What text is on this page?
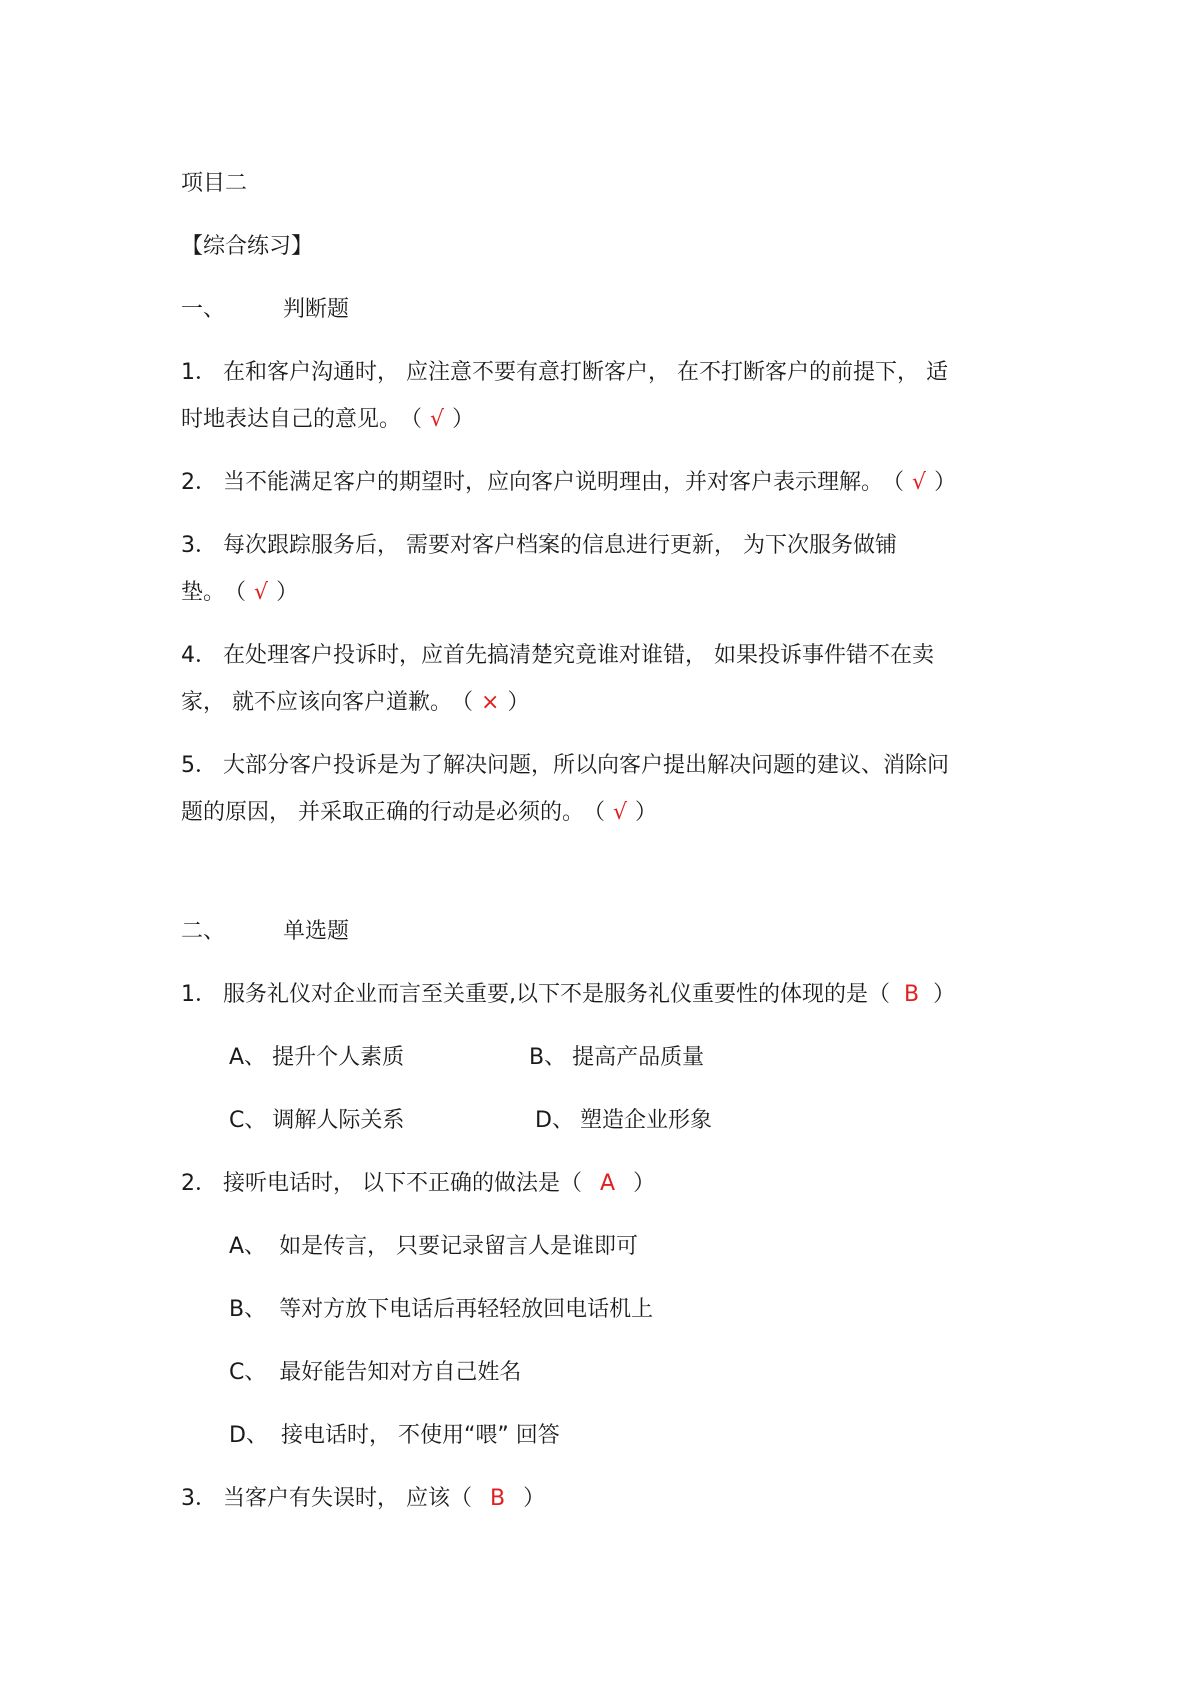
项目二
【综合练习】
一、	判断题
1． 在和客户沟通时， 应注意不要有意打断客户， 在不打断客户的前提下， 适
时地表达自己的意见。 （ √ ）
2． 当不能满足客户的期望时，应向客户说明理由，并对客户表示理解。 （ √ ）
3． 每次跟踪服务后， 需要对客户档案的信息进行更新， 为下次服务做铺
垫。 （ √ ）
4． 在处理客户投诉时，应首先搞清楚究竟谁对谁错， 如果投诉事件错不在卖
家， 就不应该向客户道歉。 （ × ）
5． 大部分客户投诉是为了解决问题，所以向客户提出解决问题的建议、消除问
题的原因， 并采取正确的行动是必须的。 （ √ ）
二、	单选题
1． 服务礼仪对企业而言至关重要,以下不是服务礼仪重要性的体现的是（ B ）
A、 提升个人素质	B、 提高产品质量
C、 调解人际关系	D、 塑造企业形象
2． 接听电话时， 以下不正确的做法是（ A ）
A、 如是传言， 只要记录留言人是谁即可
B、 等对方放下电话后再轻轻放回电话机上
C、 最好能告知对方自己姓名
D、 接电话时， 不使用“喂” 回答
3． 当客户有失误时， 应该（ B ）
